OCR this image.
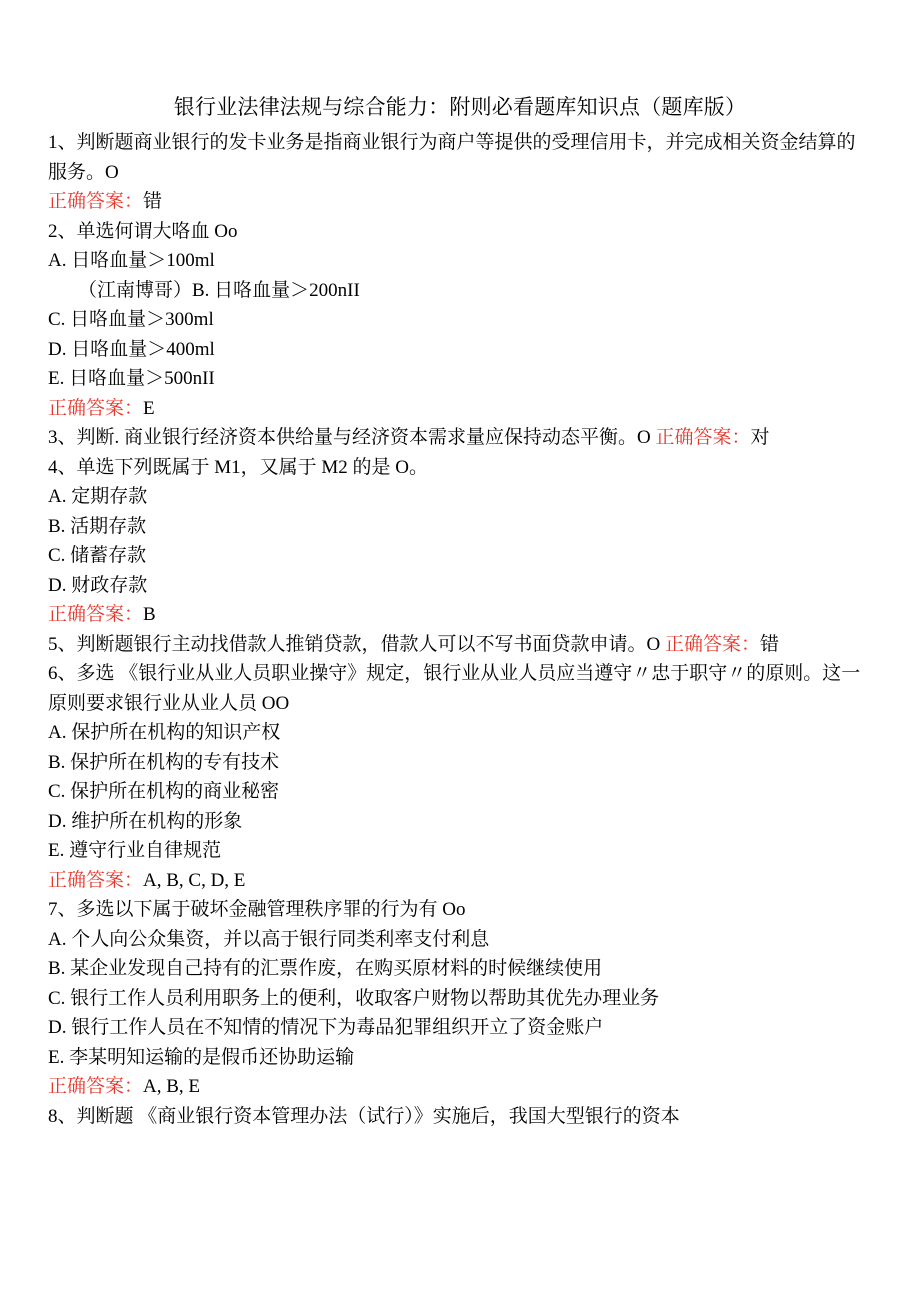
银行业法律法规与综合能力：附则必看题库知识点（题库版）

1、判断题商业银行的发卡业务是指商业银行为商户等提供的受理信用卡，并完成相关资金结算的服务。O

正确答案：错

2、单选何谓大咯血 Oo

A. 日咯血量＞100ml

（江南博哥）B. 日咯血量＞200nII

C. 日咯血量＞300ml

D. 日咯血量＞400ml

E. 日咯血量＞500nII

正确答案：E

3、判断. 商业银行经济资本供给量与经济资本需求量应保持动态平衡。O 正确答案：对

4、单选下列既属于 M1，又属于 M2 的是 O。

A. 定期存款

B. 活期存款

C. 储蓄存款

D. 财政存款

正确答案：B

5、判断题银行主动找借款人推销贷款，借款人可以不写书面贷款申请。O 正确答案：错

6、多选 《银行业从业人员职业操守》规定，银行业从业人员应当遵守〃忠于职守〃的原则。这一原则要求银行业从业人员 OO

A. 保护所在机构的知识产权

B. 保护所在机构的专有技术

C. 保护所在机构的商业秘密

D. 维护所在机构的形象

E. 遵守行业自律规范

正确答案：A, B, C, D, E

7、多选以下属于破坏金融管理秩序罪的行为有 Oo

A. 个人向公众集资，并以高于银行同类利率支付利息

B. 某企业发现自己持有的汇票作废，在购买原材料的时候继续使用

C. 银行工作人员利用职务上的便利，收取客户财物以帮助其优先办理业务

D. 银行工作人员在不知情的情况下为毒品犯罪组织开立了资金账户

E. 李某明知运输的是假币还协助运输

正确答案：A, B, E

8、判断题 《商业银行资本管理办法（试行）》实施后，我国大型银行的资本
